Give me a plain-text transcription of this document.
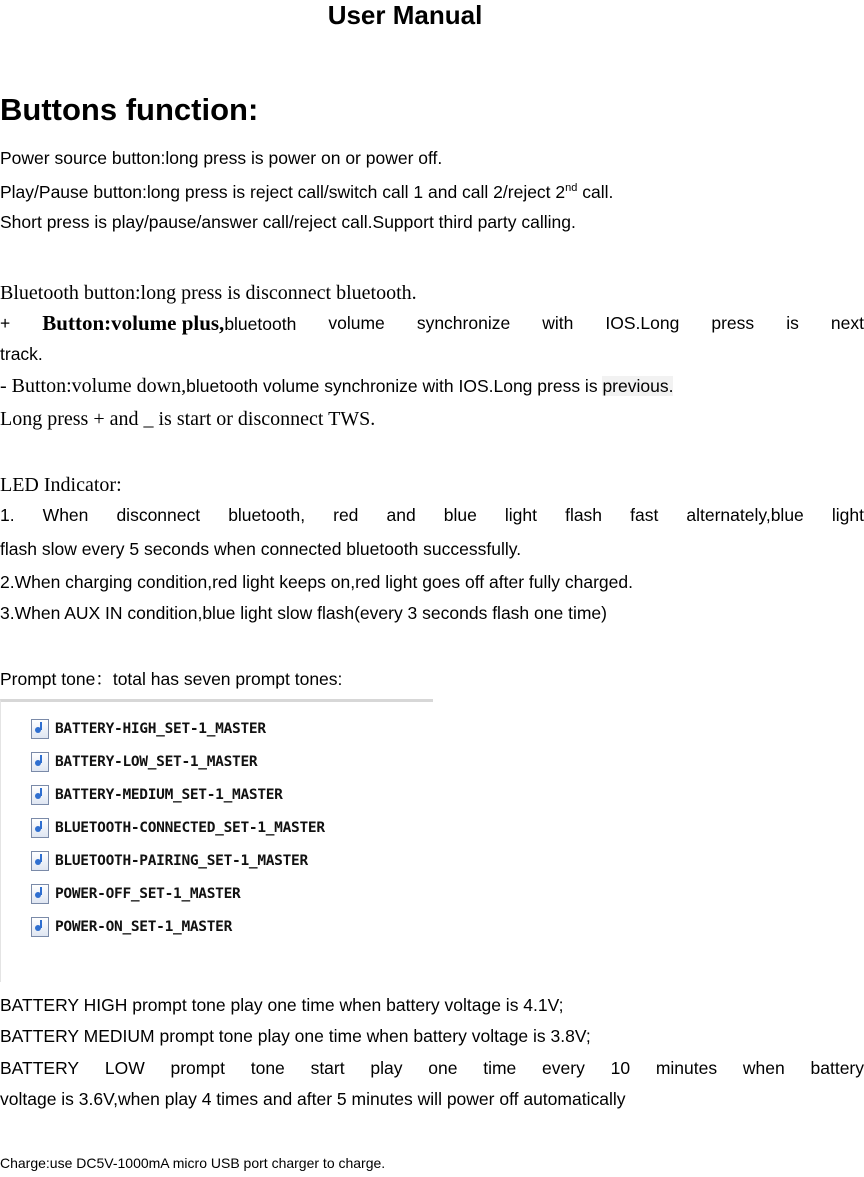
User Manual
Buttons function:
Power source button:long press is power on or power off.
Play/Pause button:long press is reject call/switch call 1 and call 2/reject 2nd call.
Short press is play/pause/answer call/reject call.Support third party calling.
Bluetooth button:long press is disconnect bluetooth.
+ Button:volume plus,bluetooth volume synchronize with IOS.Long press is next
track.
- Button:volume down,bluetooth volume synchronize with IOS.Long press is previous.
Long press + and _ is start or disconnect TWS.
LED Indicator:
1. When disconnect bluetooth, red and blue light flash fast alternately,blue light
flash slow every 5 seconds when connected bluetooth successfully.
2.When charging condition,red light keeps on,red light goes off after fully charged.
3.When AUX IN condition,blue light slow flash(every 3 seconds flash one time)
Prompt tone：total has seven prompt tones:
BATTERY-HIGH_SET-1_MASTER
BATTERY-LOW_SET-1_MASTER
BATTERY-MEDIUM_SET-1_MASTER
BLUETOOTH-CONNECTED_SET-1_MASTER
BLUETOOTH-PAIRING_SET-1_MASTER
POWER-OFF_SET-1_MASTER
POWER-ON_SET-1_MASTER
BATTERY HIGH prompt tone play one time when battery voltage is 4.1V;
BATTERY MEDIUM prompt tone play one time when battery voltage is 3.8V;
BATTERY LOW prompt tone start play one time every 10 minutes when battery
voltage is 3.6V,when play 4 times and after 5 minutes will power off automatically
Charge:use DC5V-1000mA micro USB port charger to charge.
